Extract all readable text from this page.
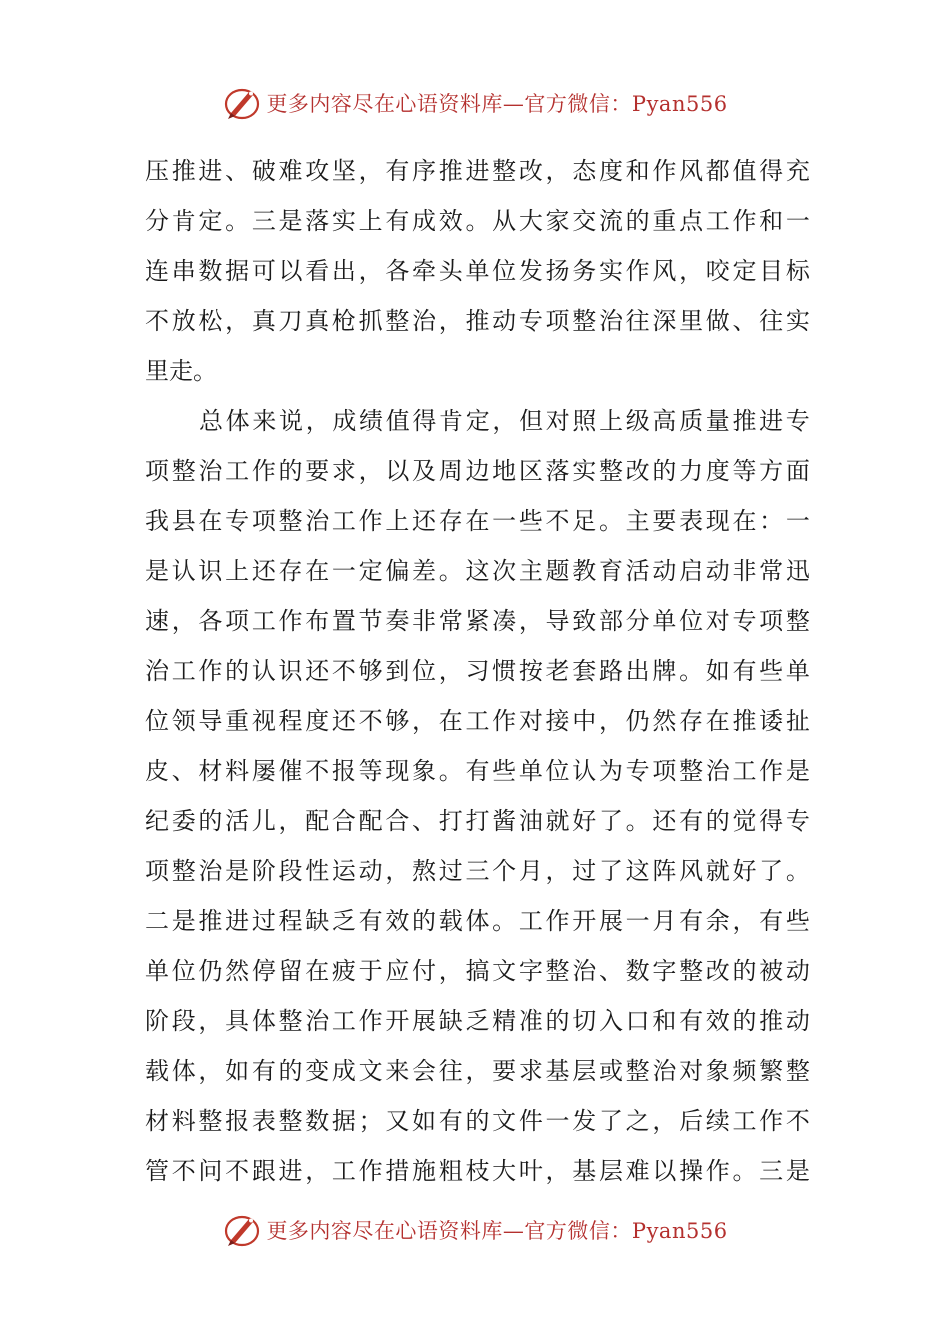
更多内容尽在心语资料库—官方微信：Pyan556
压 推 进 、 破 难 攻 坚 ， 有 序 推 进 整 改 ， 态 度 和 作 风 都 值 得 充
分 肯 定 。 三 是 落 实 上 有 成 效 。 从 大 家 交 流 的 重 点 工 作 和 一
连 串 数 据 可 以 看 出 ， 各 牵 头 单 位 发 扬 务 实 作 风 ， 咬 定 目 标
不 放 松 ， 真 刀 真 枪 抓 整 治 ， 推 动 专 项 整 治 往 深 里 做 、 往 实
里 走 。
总 体 来 说 ， 成 绩 值 得 肯 定 ， 但 对 照 上 级 高 质 量 推 进 专
项 整 治 工 作 的 要 求 ， 以 及 周 边 地 区 落 实 整 改 的 力 度 等 方 面
我 县 在 专 项 整 治 工 作 上 还 存 在 一 些 不 足 。 主 要 表 现 在 ： 一
是 认 识 上 还 存 在 一 定 偏 差 。 这 次 主 题 教 育 活 动 启 动 非 常 迅
速 ， 各 项 工 作 布 置 节 奏 非 常 紧 凑 ， 导 致 部 分 单 位 对 专 项 整
治 工 作 的 认 识 还 不 够 到 位 ， 习 惯 按 老 套 路 出 牌 。 如 有 些 单
位 领 导 重 视 程 度 还 不 够 ， 在 工 作 对 接 中 ， 仍 然 存 在 推 诿 扯
皮 、 材 料 屡 催 不 报 等 现 象 。 有 些 单 位 认 为 专 项 整 治 工 作 是
纪 委 的 活 儿 ， 配 合 配 合 、 打 打 酱 油 就 好 了 。 还 有 的 觉 得 专
项 整 治 是 阶 段 性 运 动 ， 熬 过 三 个 月 ， 过 了 这 阵 风 就 好 了 。
二 是 推 进 过 程 缺 乏 有 效 的 载 体 。 工 作 开 展 一 月 有 余 ， 有 些
单 位 仍 然 停 留 在 疲 于 应 付 ， 搞 文 字 整 治 、 数 字 整 改 的 被 动
阶 段 ， 具 体 整 治 工 作 开 展 缺 乏 精 准 的 切 入 口 和 有 效 的 推 动
载 体 ， 如 有 的 变 成 文 来 会 往 ， 要 求 基 层 或 整 治 对 象 频 繁 整
材 料 整 报 表 整 数 据 ； 又 如 有 的 文 件 一 发 了 之 ， 后 续 工 作 不
管 不 问 不 跟 进 ， 工 作 措 施 粗 枝 大 叶 ， 基 层 难 以 操 作 。 三 是
更多内容尽在心语资料库—官方微信：Pyan556
